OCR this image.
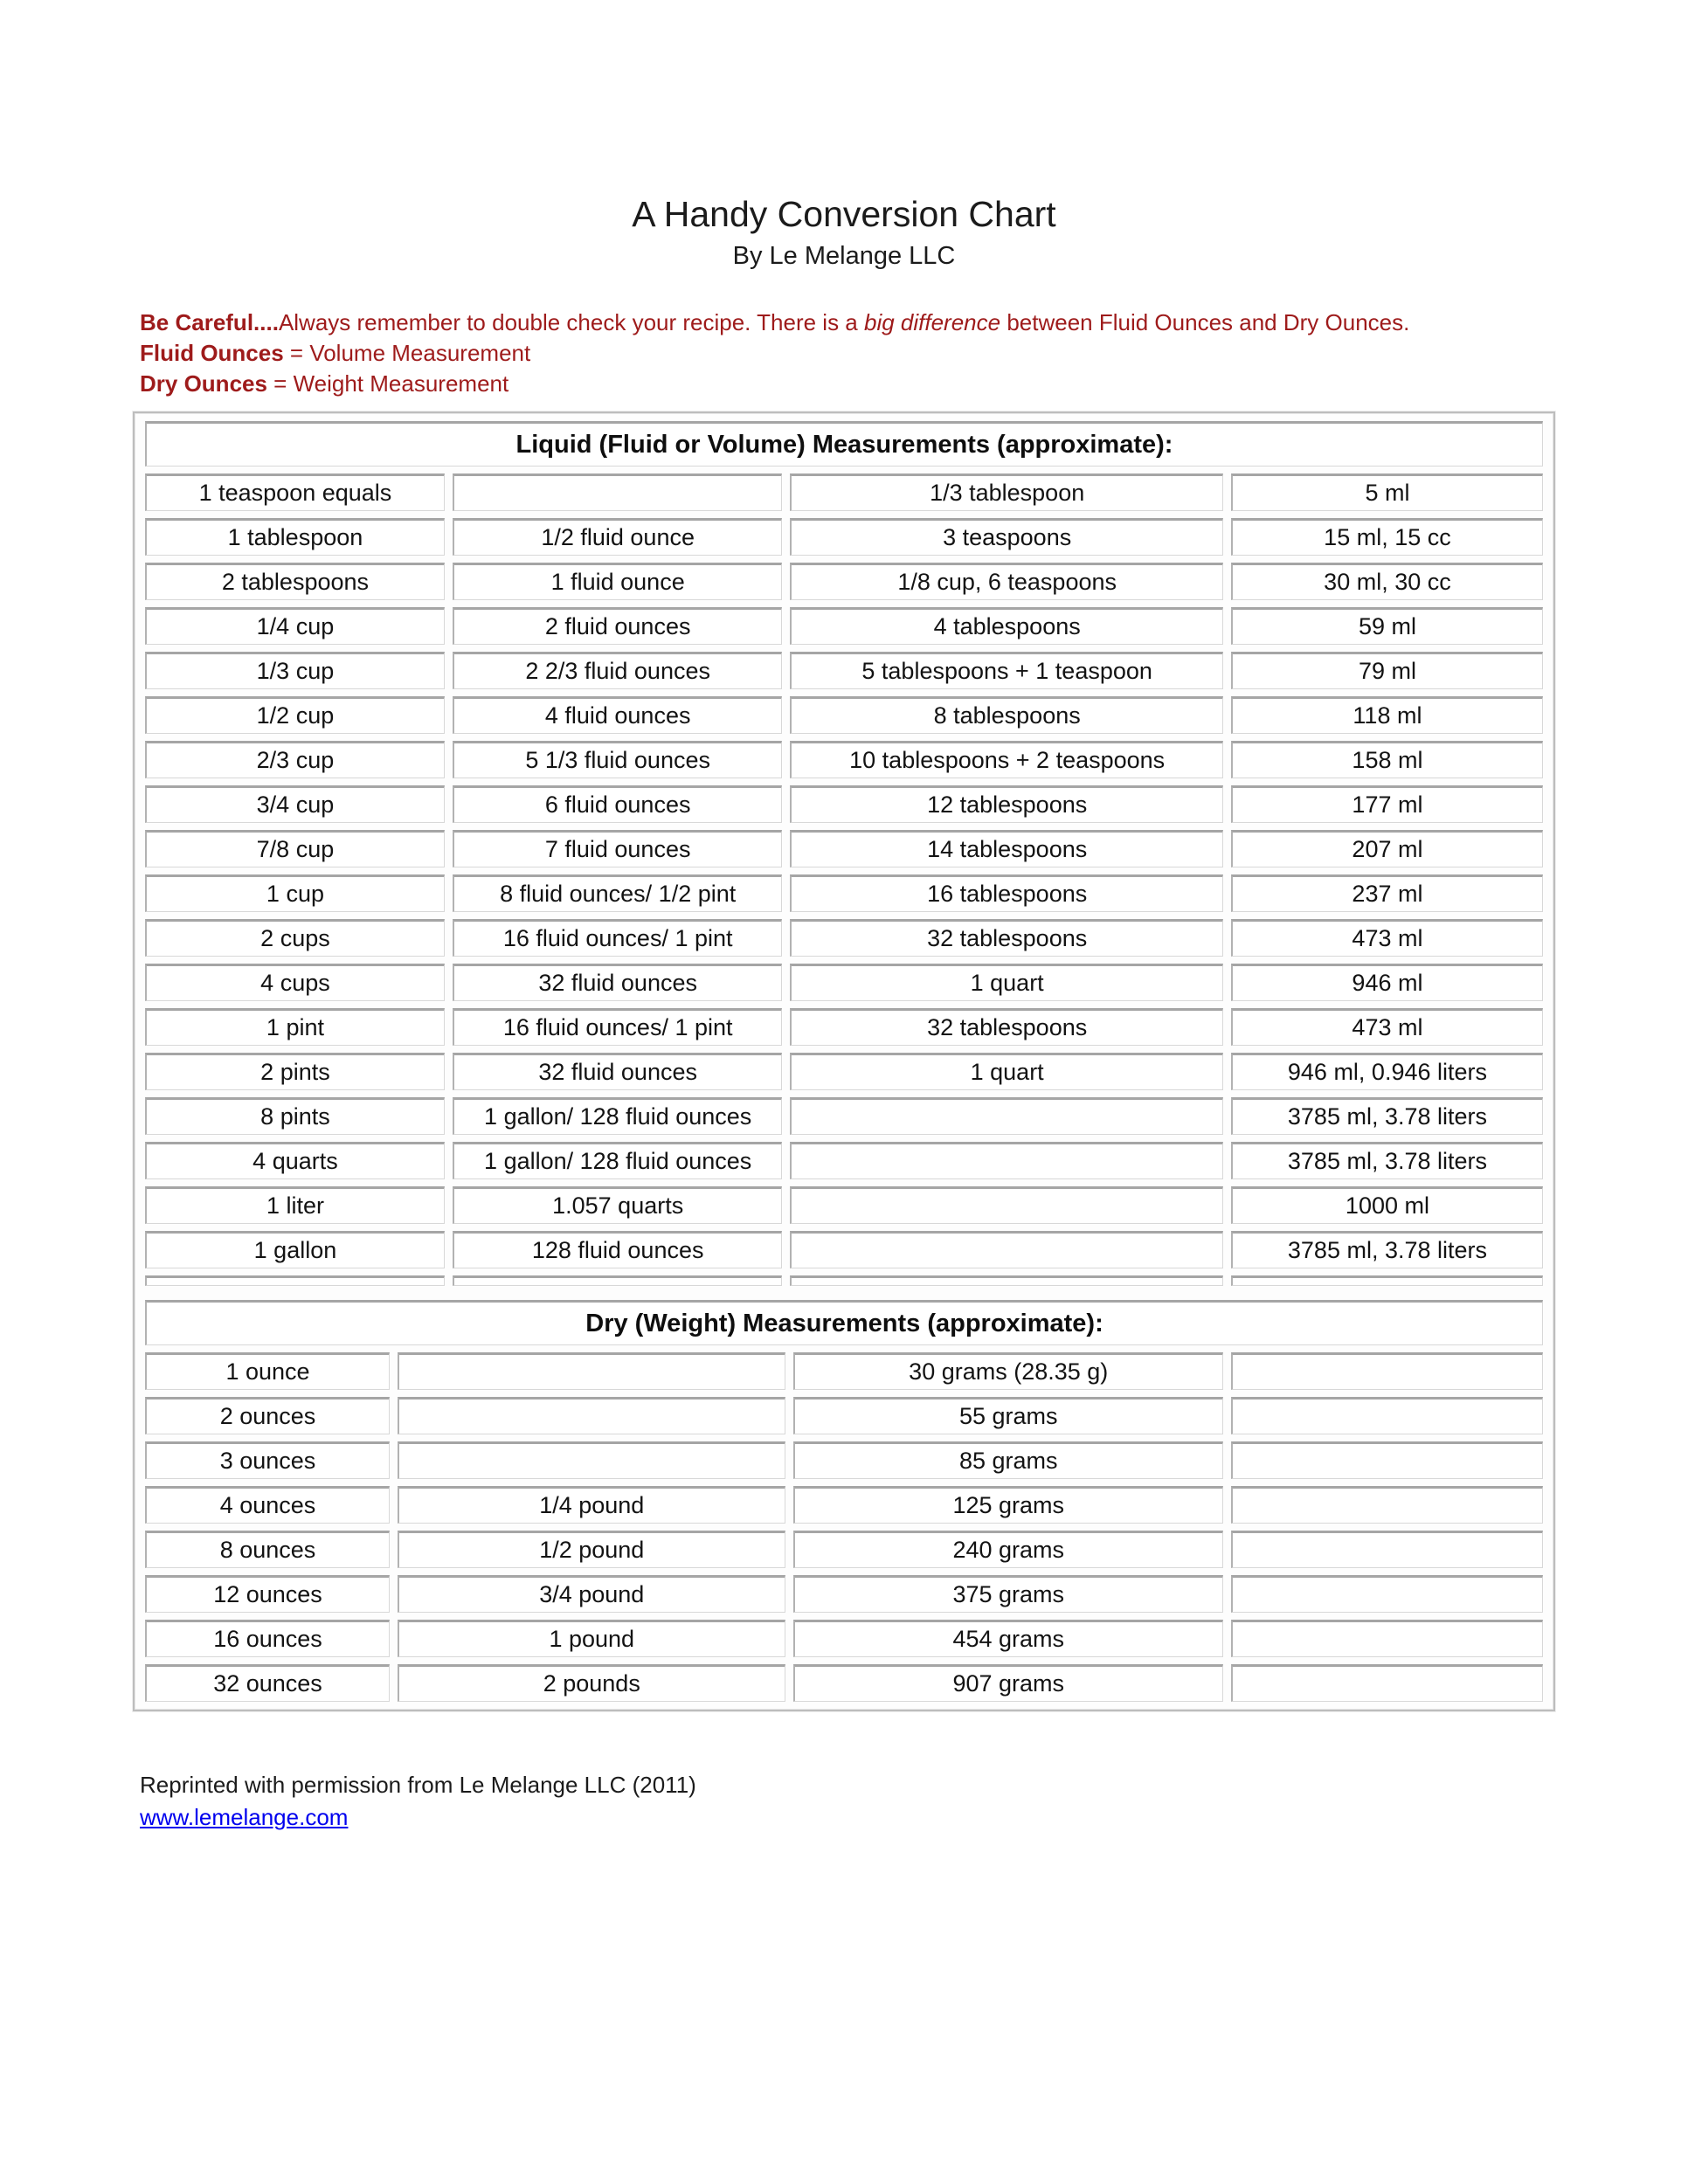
A Handy Conversion Chart
By Le Melange LLC
Be Careful....Always remember to double check your recipe. There is a big difference between Fluid Ounces and Dry Ounces.
Fluid Ounces = Volume Measurement
Dry Ounces = Weight Measurement
Liquid (Fluid or Volume) Measurements (approximate):			
1 teaspoon equals		1/3 tablespoon	5 ml
1 tablespoon	1/2 fluid ounce	3 teaspoons	15 ml, 15 cc
2 tablespoons	1 fluid ounce	1/8 cup, 6 teaspoons	30 ml, 30 cc
1/4 cup	2 fluid ounces	4 tablespoons	59 ml
1/3 cup	2 2/3 fluid ounces	5 tablespoons + 1 teaspoon	79 ml
1/2 cup	4 fluid ounces	8 tablespoons	118 ml
2/3 cup	5 1/3 fluid ounces	10 tablespoons + 2 teaspoons	158 ml
3/4 cup	6 fluid ounces	12 tablespoons	177 ml
7/8 cup	7 fluid ounces	14 tablespoons	207 ml
1 cup	8 fluid ounces/ 1/2 pint	16 tablespoons	237 ml
2 cups	16 fluid ounces/ 1 pint	32 tablespoons	473 ml
4 cups	32 fluid ounces	1 quart	946 ml
1 pint	16 fluid ounces/ 1 pint	32 tablespoons	473 ml
2 pints	32 fluid ounces	1 quart	946 ml, 0.946 liters
8 pints	1 gallon/ 128 fluid ounces		3785 ml, 3.78 liters
4 quarts	1 gallon/ 128 fluid ounces		3785 ml, 3.78 liters
1 liter	1.057 quarts		1000 ml
1 gallon	128 fluid ounces		3785 ml, 3.78 liters

Dry (Weight) Measurements (approximate):			
1 ounce		30 grams (28.35 g)	
2 ounces		55 grams	
3 ounces		85 grams	
4 ounces	1/4 pound	125 grams	
8 ounces	1/2 pound	240 grams	
12 ounces	3/4 pound	375 grams	
16 ounces	1 pound	454 grams	
32 ounces	2 pounds	907 grams	
Reprinted with permission from Le Melange LLC (2011)
www.lemelange.com
